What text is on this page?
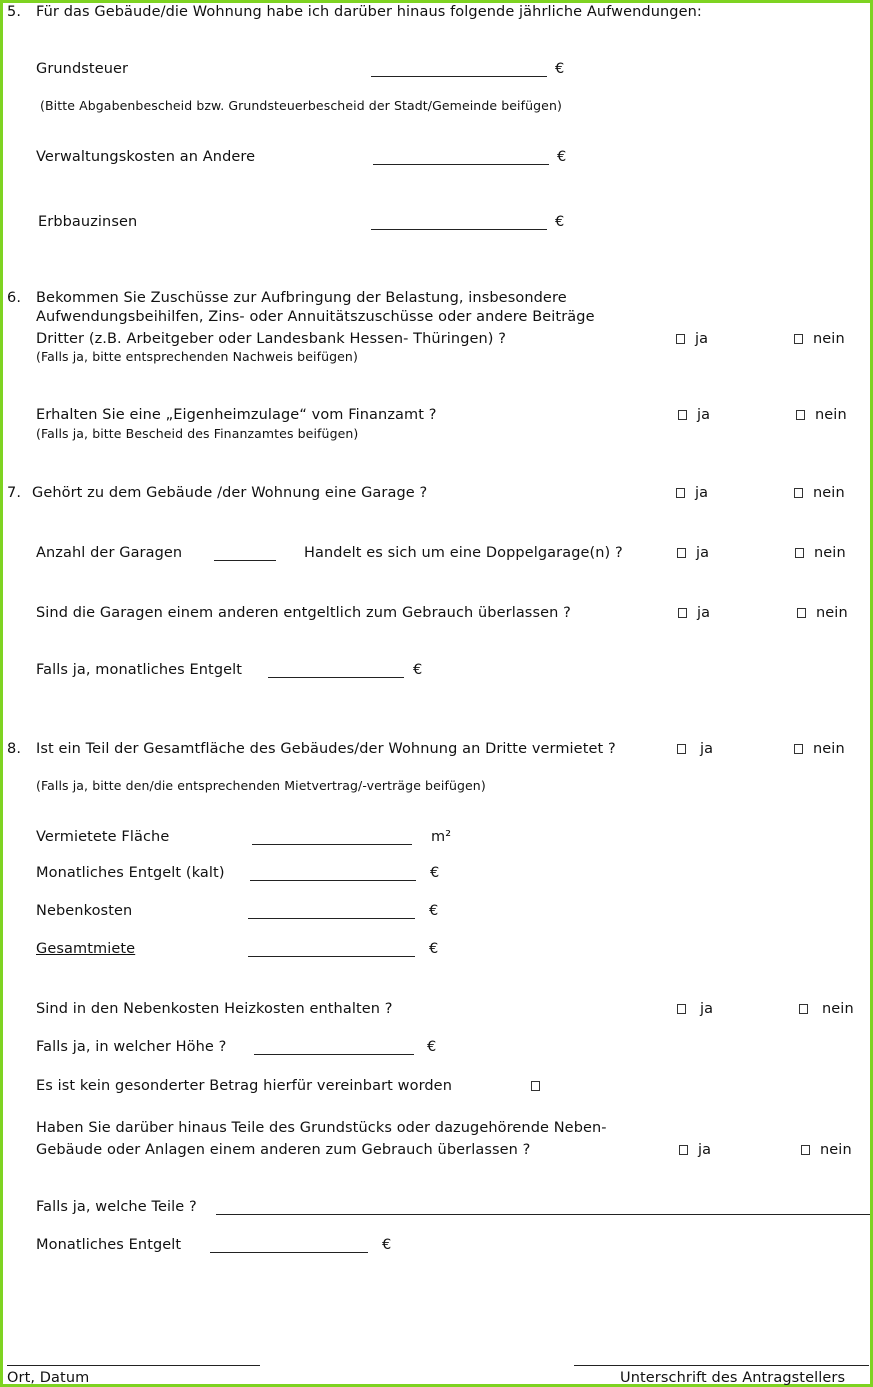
5. Für das Gebäude/die Wohnung habe ich darüber hinaus folgende jährliche Aufwendungen:
Grundsteuer	€
(Bitte Abgabenbescheid bzw. Grundsteuerbescheid der Stadt/Gemeinde beifügen)
Verwaltungskosten an Andere	€
Erbbauzinsen	€
6. Bekommen Sie Zuschüsse zur Aufbringung der Belastung, insbesondere
Aufwendungsbeihilfen, Zins- oder Annuitätszuschüsse oder andere Beiträge
Dritter (z.B. Arbeitgeber oder Landesbank Hessen- Thüringen) ?
(Falls ja, bitte entsprechenden Nachweis beifügen)
ja	nein
Erhalten Sie eine „Eigenheimzulage“ vom Finanzamt ?
(Falls ja, bitte Bescheid des Finanzamtes beifügen)
ja	nein
7. Gehört zu dem Gebäude /der Wohnung eine Garage ?	ja	nein
Anzahl der Garagen	Handelt es sich um eine Doppelgarage(n) ?	ja	nein
Sind die Garagen einem anderen entgeltlich zum Gebrauch überlassen ?	ja	nein
Falls ja, monatliches Entgelt	€
8. Ist ein Teil der Gesamtfläche des Gebäudes/der Wohnung an Dritte vermietet ?	ja	nein
(Falls ja, bitte den/die entsprechenden Mietvertrag/-verträge beifügen)
Vermietete Fläche	m²
Monatliches Entgelt (kalt)	€
Nebenkosten	€
Gesamtmiete	€
Sind in den Nebenkosten Heizkosten enthalten ?	ja	nein
Falls ja, in welcher Höhe ?	€
Es ist kein gesonderter Betrag hierfür vereinbart worden
Haben Sie darüber hinaus Teile des Grundstücks oder dazugehörende Neben-
Gebäude oder Anlagen einem anderen zum Gebrauch überlassen ?	ja	nein
Falls ja, welche Teile ?
Monatliches Entgelt	€
Ort, Datum	Unterschrift des Antragstellers
